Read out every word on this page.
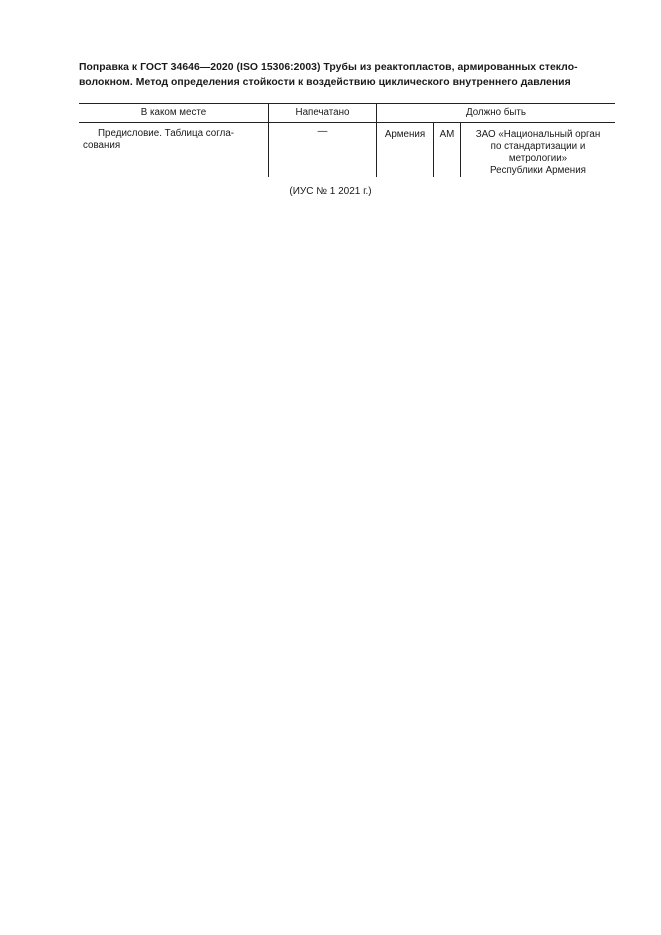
Поправка к ГОСТ 34646—2020 (ISO 15306:2003) Трубы из реактопластов, армированных стекло-
волокном. Метод определения стойкости к воздействию циклического внутреннего давления
В каком месте	Напечатано	Должно быть		

Предисловие. Таблица согла-
сования	—	Армения	AM	ЗАО «Национальный орган
по стандартизации и метрологии»
Республики Армения
(ИУС № 1 2021 г.)
